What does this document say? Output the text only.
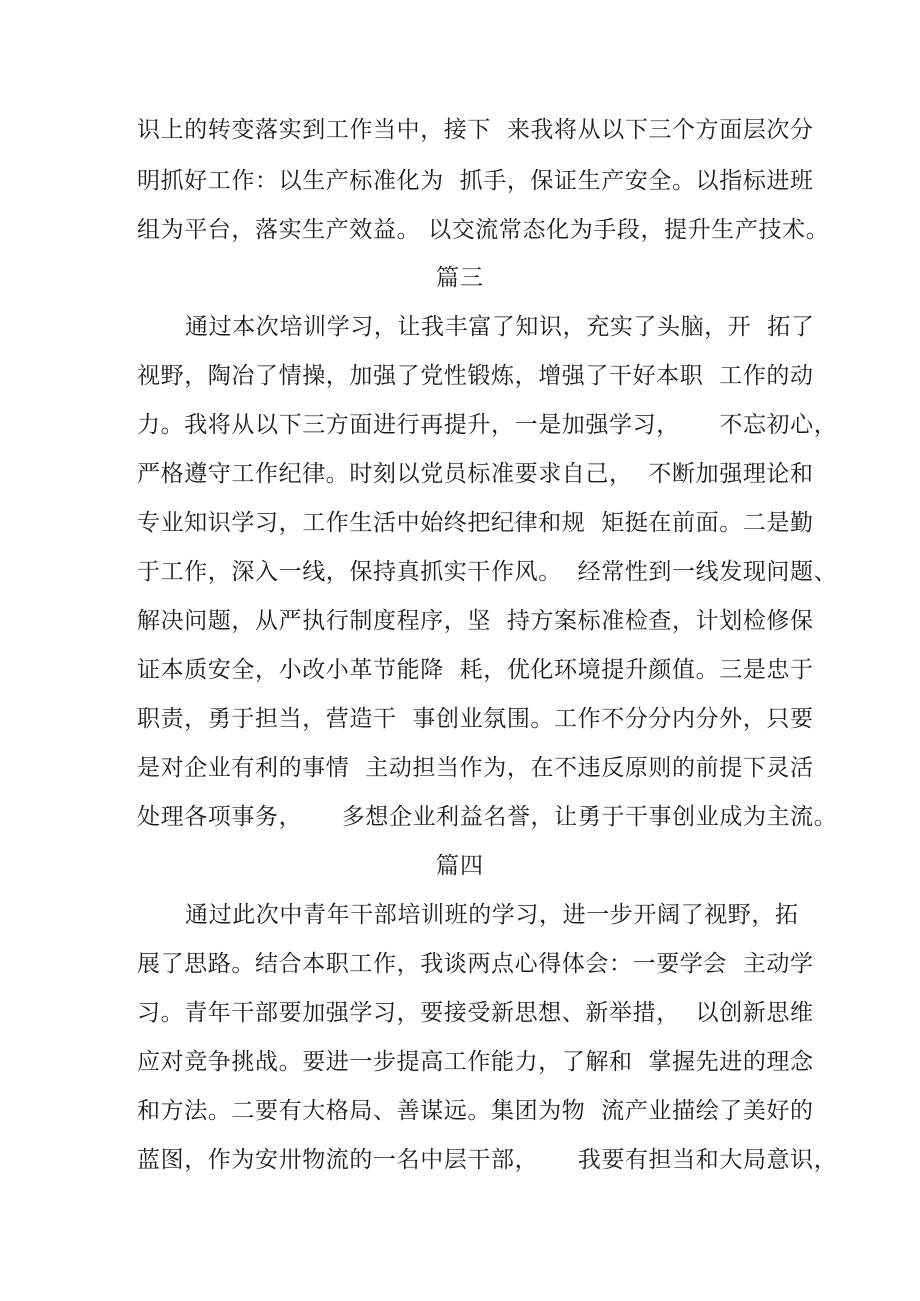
识上的转变落实到工作当中，接下  来我将从以下三个方面层次分
明抓好工作：以生产标准化为  抓手，保证生产安全。以指标进班
组为平台，落实生产效益。 以交流常态化为手段，提升生产技术。
篇三
通过本次培训学习，让我丰富了知识，充实了头脑，开  拓了
视野，陶冶了情操，加强了党性锻炼，增强了干好本职  工作的动
力。我将从以下三方面进行再提升，一是加强学习，     不忘初心，
严格遵守工作纪律。时刻以党员标准要求自己，  不断加强理论和
专业知识学习，工作生活中始终把纪律和规  矩挺在前面。二是勤
于工作，深入一线，保持真抓实干作风。  经常性到一线发现问题、
解决问题，从严执行制度程序，坚  持方案标准检查，计划检修保
证本质安全，小改小革节能降  耗，优化环境提升颜值。三是忠于
职责，勇于担当，营造干  事创业氛围。工作不分分内分外，只要
是对企业有利的事情  主动担当作为，在不违反原则的前提下灵活
处理各项事务，     多想企业利益名誉，让勇于干事创业成为主流。
篇四
通过此次中青年干部培训班的学习，进一步开阔了视野，拓
展了思路。结合本职工作，我谈两点心得体会：一要学会  主动学
习。青年干部要加强学习，要接受新思想、新举措，  以创新思维
应对竞争挑战。要进一步提高工作能力，了解和  掌握先进的理念
和方法。二要有大格局、善谋远。集团为物  流产业描绘了美好的
蓝图，作为安卅物流的一名中层干部，     我要有担当和大局意识，
